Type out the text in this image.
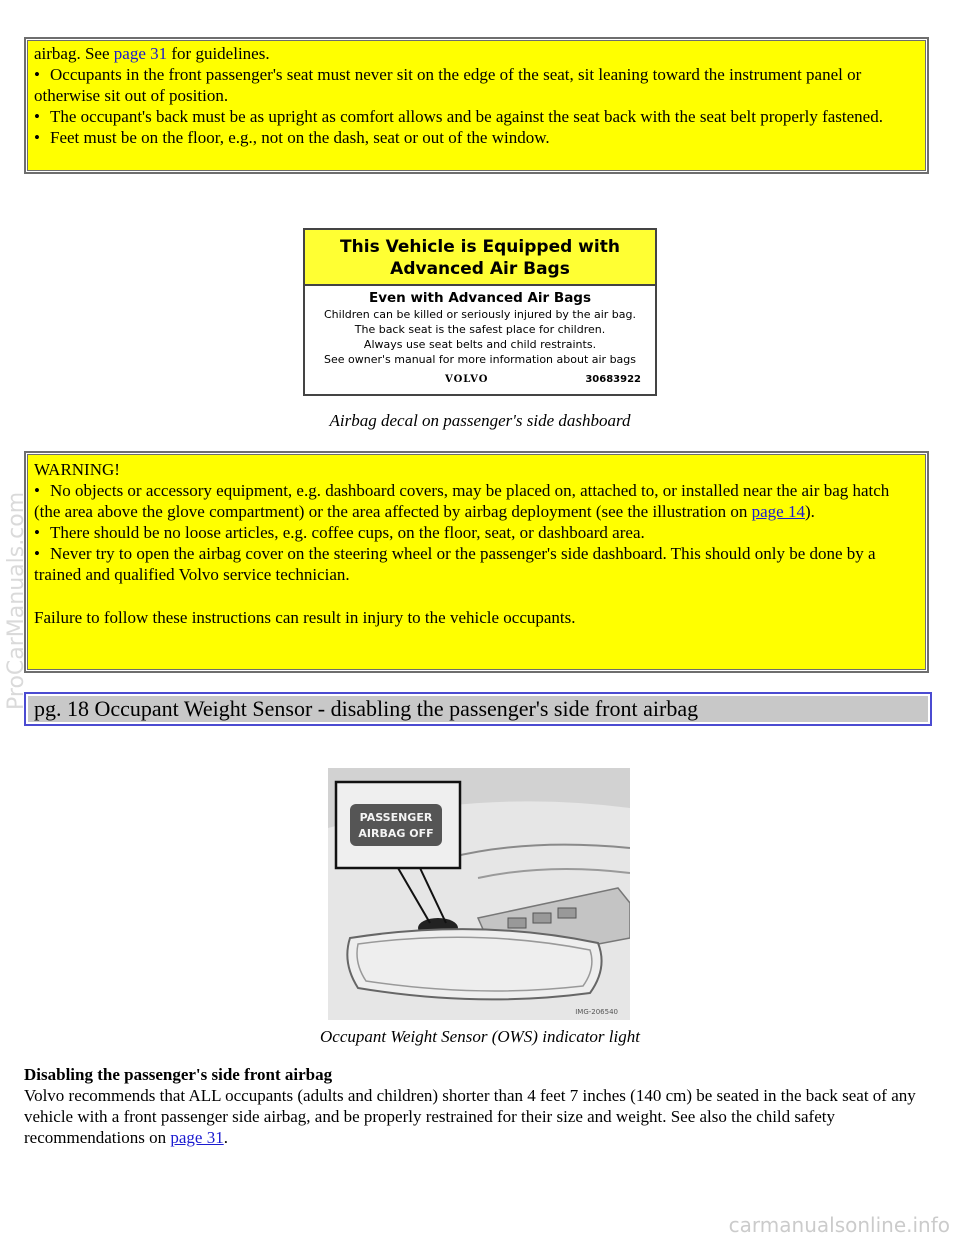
airbag. See page 31 for guidelines.

• Occupants in the front passenger's seat must never sit on the edge of the seat, sit leaning toward the instrument panel or otherwise sit out of position.

• The occupant's back must be as upright as comfort allows and be against the seat back with the seat belt properly fastened.

• Feet must be on the floor, e.g., not on the dash, seat or out of the window.

This Vehicle is Equipped with
Advanced Air Bags
Even with Advanced Air Bags
Children can be killed or seriously injured by the air bag.
The back seat is the safest place for children.
Always use seat belts and child restraints.
See owner's manual for more information about air bags
VOLVO	30683922
Airbag decal on passenger's side dashboard

WARNING!

• No objects or accessory equipment, e.g. dashboard covers, may be placed on, attached to, or installed near the air bag hatch (the area above the glove compartment) or the area affected by airbag deployment (see the illustration on page 14).

• There should be no loose articles, e.g. coffee cups, on the floor, seat, or dashboard area.

• Never try to open the airbag cover on the steering wheel or the passenger's side dashboard. This should only be done by a trained and qualified Volvo service technician.

Failure to follow these instructions can result in injury to the vehicle occupants.

pg. 18 Occupant Weight Sensor - disabling the passenger's side front airbag
PASSENGER
AIRBAG OFF
IMG-206540
Occupant Weight Sensor (OWS) indicator light
Disabling the passenger's side front airbag
Volvo recommends that ALL occupants (adults and children) shorter than 4 feet 7 inches (140 cm) be seated in the back seat of any vehicle with a front passenger side airbag, and be properly restrained for their size and weight. See also the child safety recommendations on page 31.
ProCarManuals.com
carmanualsonline.info
